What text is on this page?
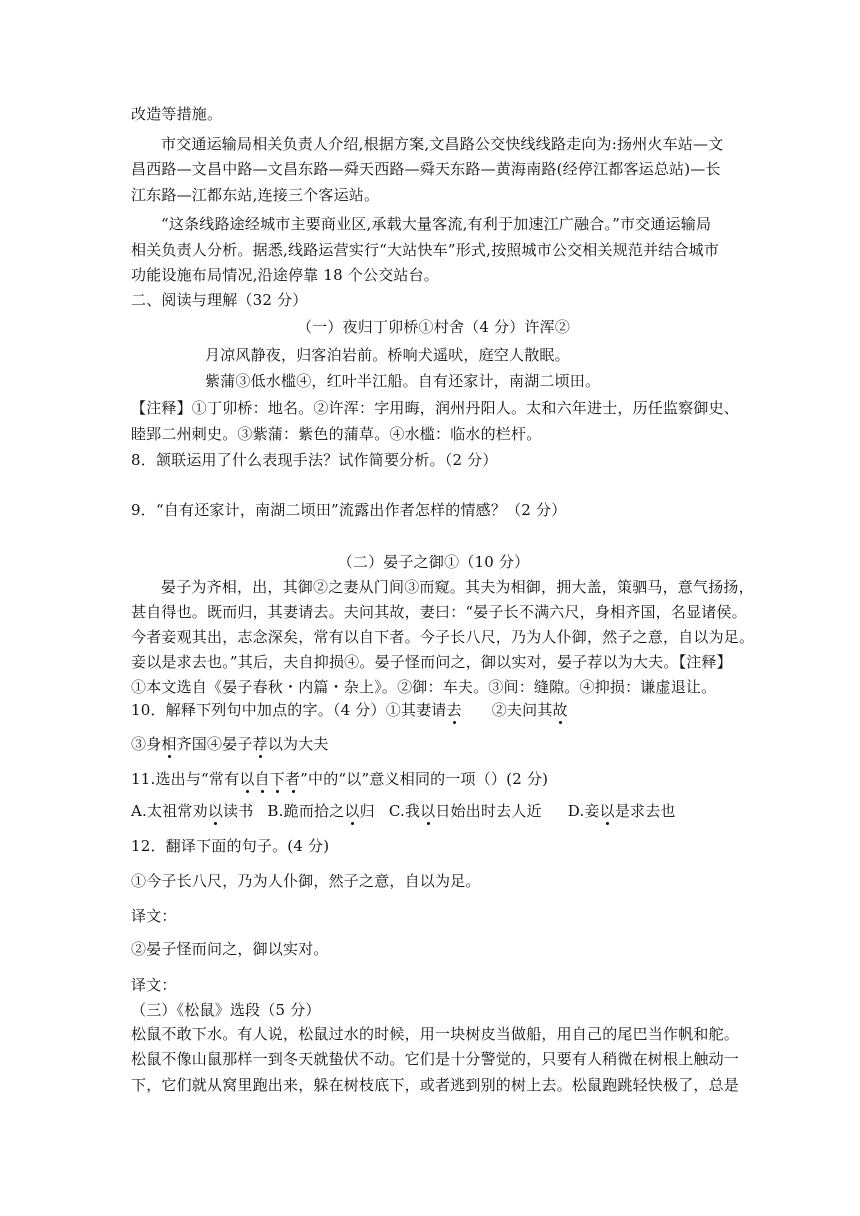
改造等措施。
市交通运输局相关负责人介绍,根据方案,文昌路公交快线线路走向为:扬州火车站—文
昌西路—文昌中路—文昌东路—舜天西路—舜天东路—黄海南路(经停江都客运总站)—长
江东路—江都东站,连接三个客运站。
“这条线路途经城市主要商业区,承载大量客流,有利于加速江广融合。”市交通运输局
相关负责人分析。据悉,线路运营实行“大站快车”形式,按照城市公交相关规范并结合城市
功能设施布局情况,沿途停靠 18 个公交站台。
二、阅读与理解（32 分）
（一）夜归丁卯桥①村舍（4 分）许浑②
月凉风静夜，归客泊岩前。桥响犬遥吠，庭空人散眠。
紫蒲③低水槛④，红叶半江船。自有还家计，南湖二顷田。
【注释】①丁卯桥：地名。②许浑：字用晦，润州丹阳人。太和六年进士，历任监察御史、
睦郢二州刺史。③紫蒲：紫色的蒲草。④水槛：临水的栏杆。
8．颔联运用了什么表现手法？试作简要分析。（2 分）
9．“自有还家计，南湖二顷田”流露出作者怎样的情感？（2 分）
（二）晏子之御①（10 分）
晏子为齐相，出，其御②之妻从门间③而窥。其夫为相御，拥大盖，策驷马，意气扬扬，
甚自得也。既而归，其妻请去。夫问其故，妻曰：“晏子长不满六尺，身相齐国，名显诸侯。
今者妾观其出，志念深矣，常有以自下者。今子长八尺，乃为人仆御，然子之意，自以为足。
妾以是求去也。”其后，夫自抑损④。晏子怪而问之，御以实对，晏子荐以为大夫。【注释】
①本文选自《晏子春秋・内篇・杂上》。②御：车夫。③间：缝隙。④抑损：谦虚退让。
10．解释下列句中加点的字。（4 分）①其妻请去 ②夫问其故
③身相齐国④晏子荐以为大夫
11.选出与“常有以自下者”中的“以”意义相同的一项（）(2 分)
A.太祖常劝以读书 B.跪而拾之以归 C.我以日始出时去人近 D.妾以是求去也
12．翻译下面的句子。(4 分)
①今子长八尺，乃为人仆御，然子之意，自以为足。
译文：
②晏子怪而问之，御以实对。
译文：
（三）《松鼠》选段（5 分）
松鼠不敢下水。有人说，松鼠过水的时候，用一块树皮当做船，用自己的尾巴当作帆和舵。
松鼠不像山鼠那样一到冬天就蛰伏不动。它们是十分警觉的，只要有人稍微在树根上触动一
下，它们就从窝里跑出来，躲在树枝底下，或者逃到别的树上去。松鼠跑跳轻快极了，总是
